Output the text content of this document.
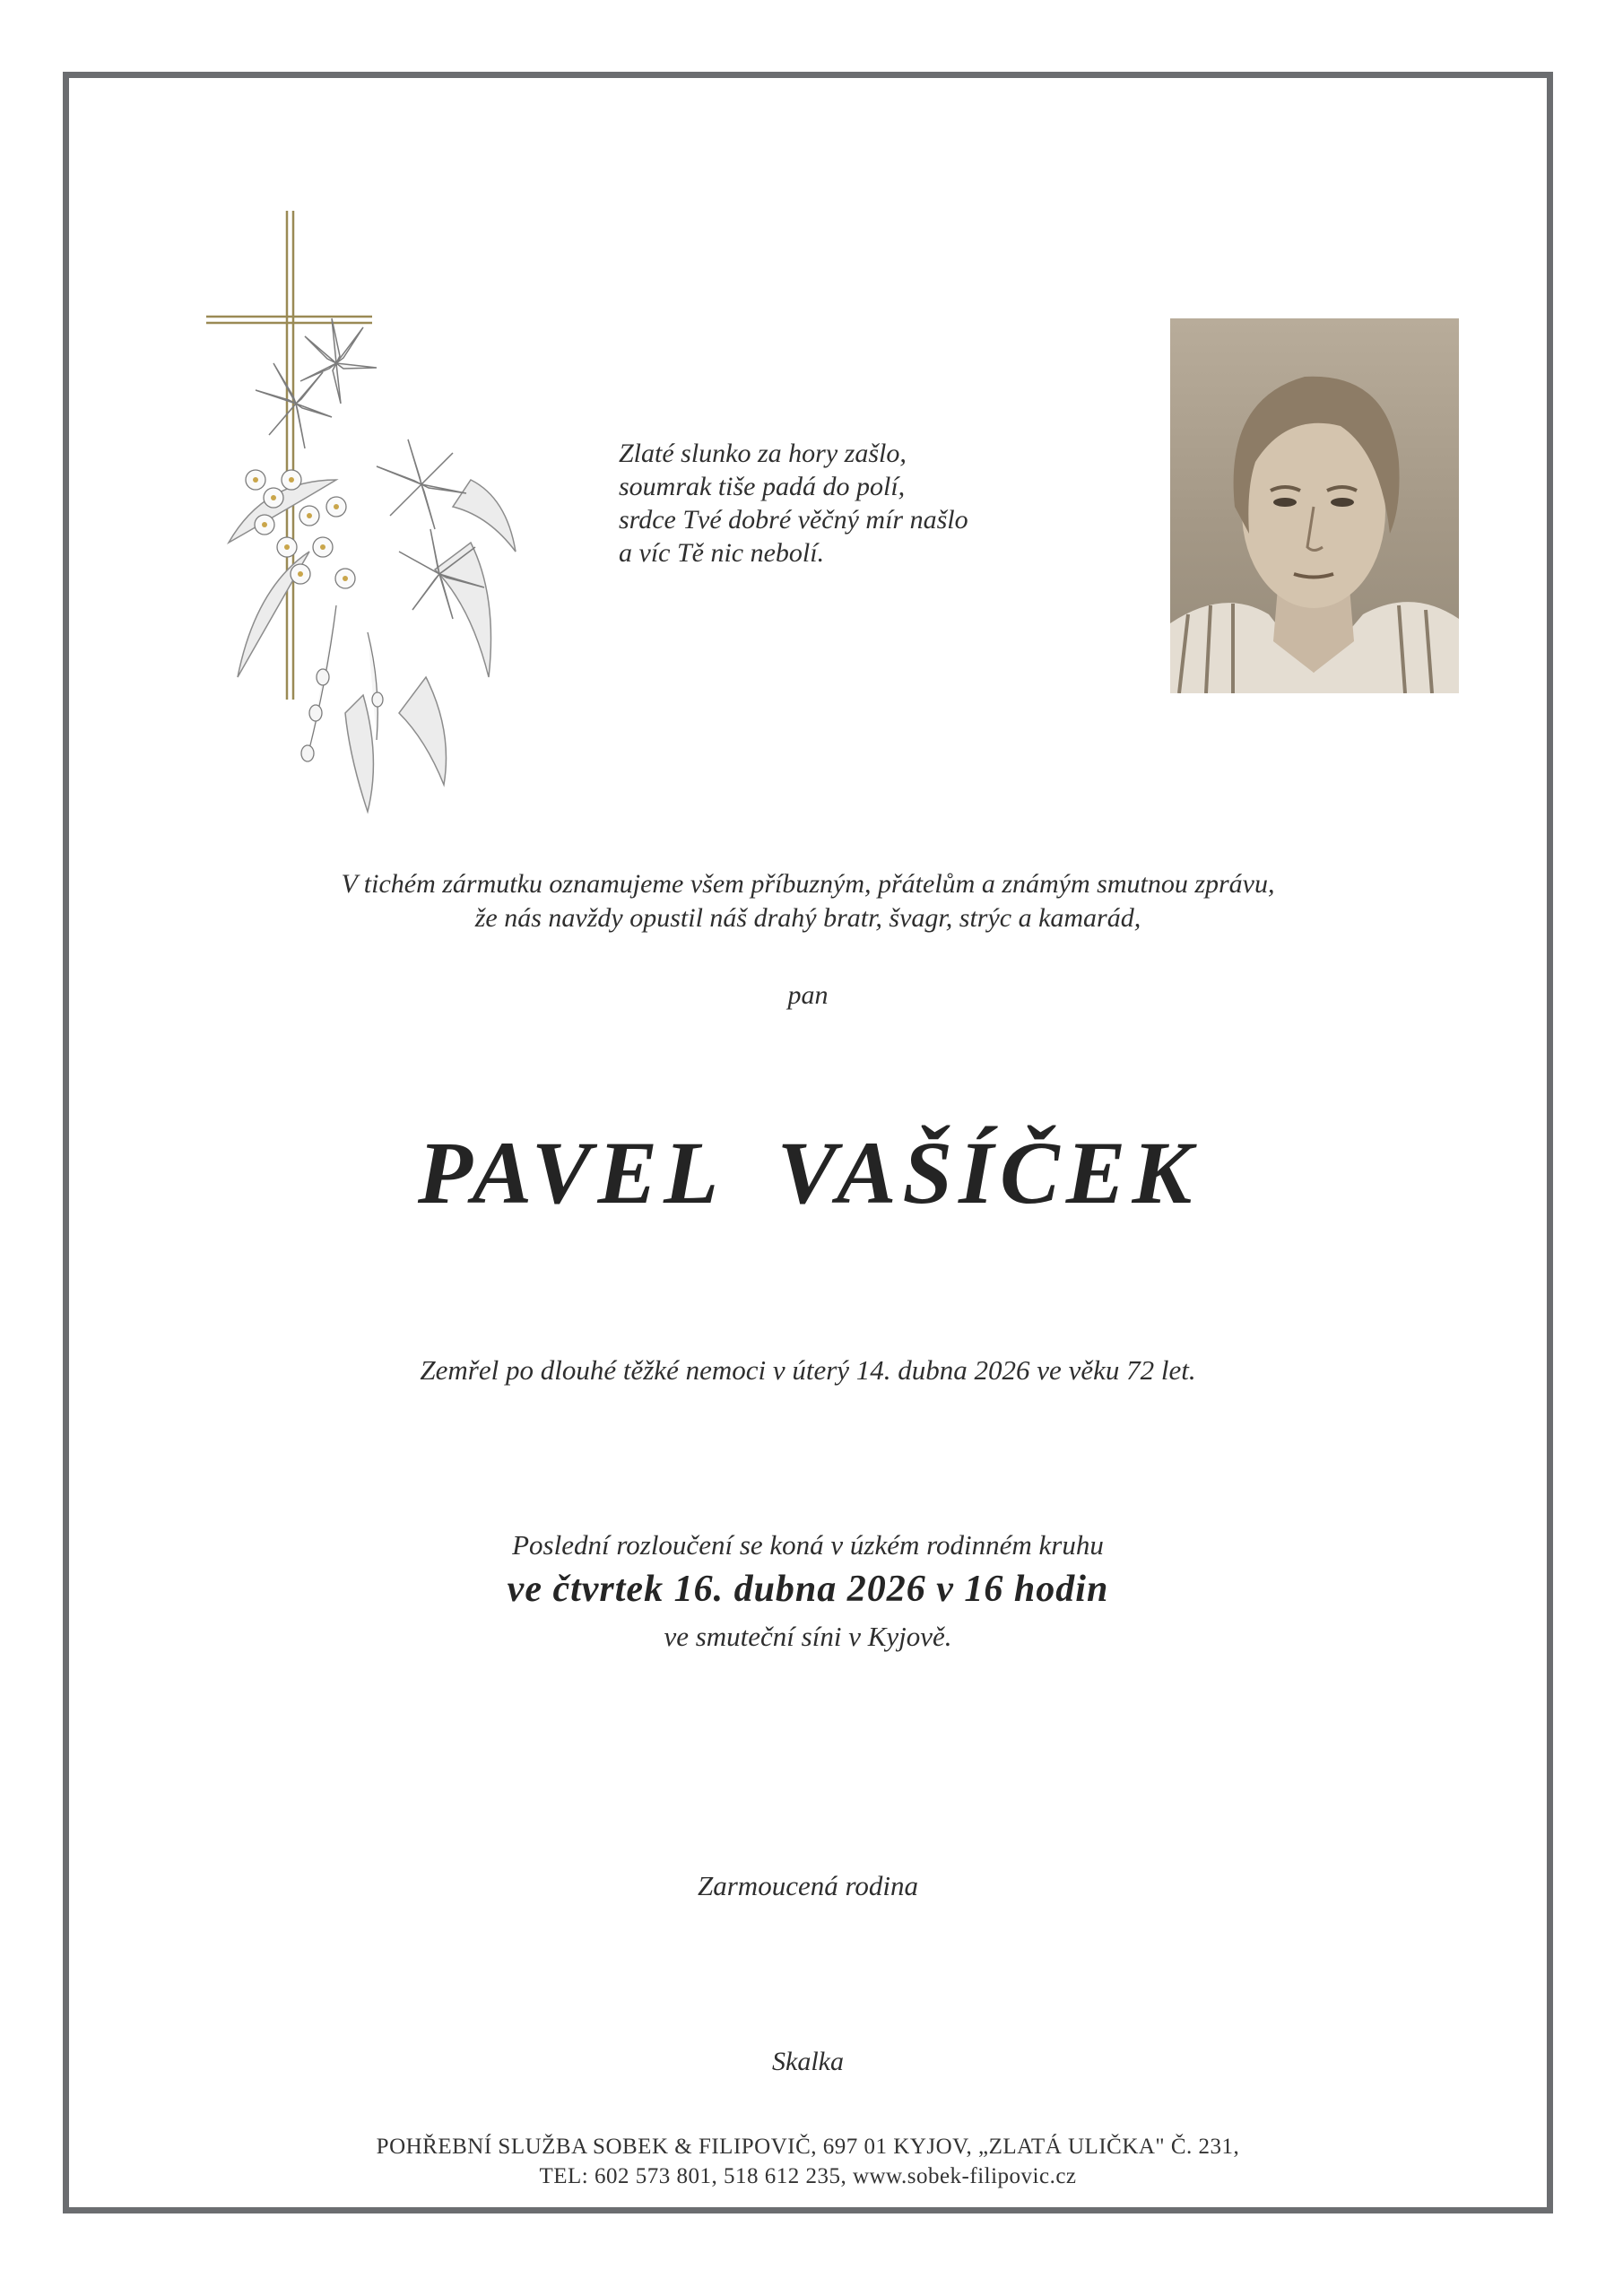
Zlaté slunko za hory zašlo,
soumrak tiše padá do polí,
srdce Tvé dobré věčný mír našlo
a víc Tě nic nebolí.
V tichém zármutku oznamujeme všem příbuzným, přátelům a známým smutnou zprávu,
že nás navždy opustil náš drahý bratr, švagr, strýc a kamarád,
pan
PAVEL VAŠÍČEK
Zemřel po dlouhé těžké nemoci v úterý 14. dubna 2026 ve věku 72 let.
Poslední rozloučení se koná v úzkém rodinném kruhu
ve čtvrtek 16. dubna 2026 v 16 hodin
ve smuteční síni v Kyjově.
Zarmoucená rodina
Skalka
POHŘEBNÍ SLUŽBA SOBEK & FILIPOVIČ, 697 01 KYJOV, „ZLATÁ ULIČKA" Č. 231,
TEL: 602 573 801, 518 612 235, www.sobek-filipovic.cz
